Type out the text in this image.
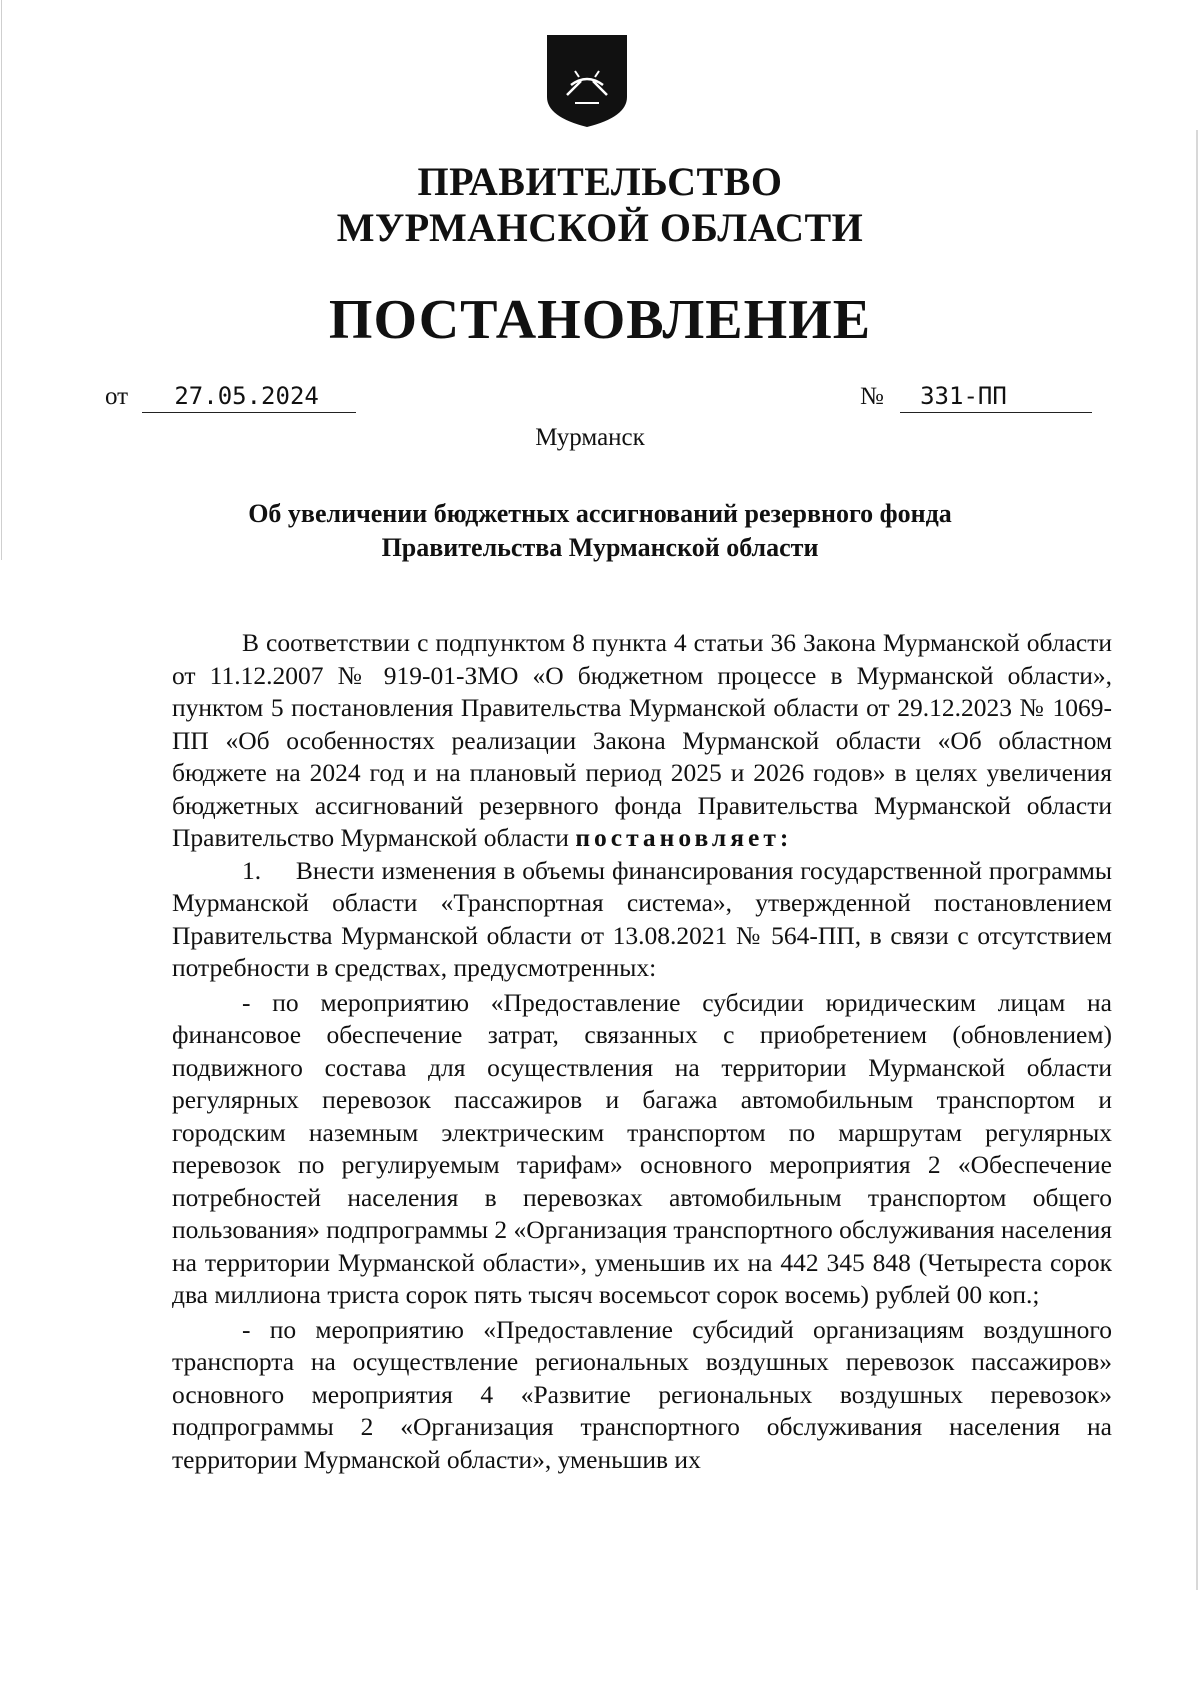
ПРАВИТЕЛЬСТВО
МУРМАНСКОЙ ОБЛАСТИ
ПОСТАНОВЛЕНИЕ
от 27.05.2024	№ 331-ПП
Мурманск
Об увеличении бюджетных ассигнований резервного фонда
Правительства Мурманской области

В соответствии с подпунктом 8 пункта 4 статьи 36 Закона Мурманской области от 11.12.2007 № 919-01-ЗМО «О бюджетном процессе в Мурманской области», пунктом 5 постановления Правительства Мурманской области от 29.12.2023 № 1069-ПП «Об особенностях реализации Закона Мурманской области «Об областном бюджете на 2024 год и на плановый период 2025 и 2026 годов» в целях увеличения бюджетных ассигнований резервного фонда Правительства Мурманской области Правительство Мурманской области постановляет:

1.     Внести изменения в объемы финансирования государственной программы Мурманской области «Транспортная система», утвержденной постановлением Правительства Мурманской области от 13.08.2021 № 564-ПП, в связи с отсутствием потребности в средствах, предусмотренных:

- по мероприятию «Предоставление субсидии юридическим лицам на финансовое обеспечение затрат, связанных с приобретением (обновлением) подвижного состава для осуществления на территории Мурманской области регулярных перевозок пассажиров и багажа автомобильным транспортом и городским наземным электрическим транспортом по маршрутам регулярных перевозок по регулируемым тарифам» основного мероприятия 2 «Обеспечение потребностей населения в перевозках автомобильным транспортом общего пользования» подпрограммы 2 «Организация транспортного обслуживания населения на территории Мурманской области», уменьшив их на 442 345 848 (Четыреста сорок два миллиона триста сорок пять тысяч восемьсот сорок восемь) рублей 00 коп.;

- по мероприятию «Предоставление субсидий организациям воздушного транспорта на осуществление региональных воздушных перевозок пассажиров» основного мероприятия 4 «Развитие региональных воздушных перевозок» подпрограммы 2 «Организация транспортного обслуживания населения на территории Мурманской области», уменьшив их
